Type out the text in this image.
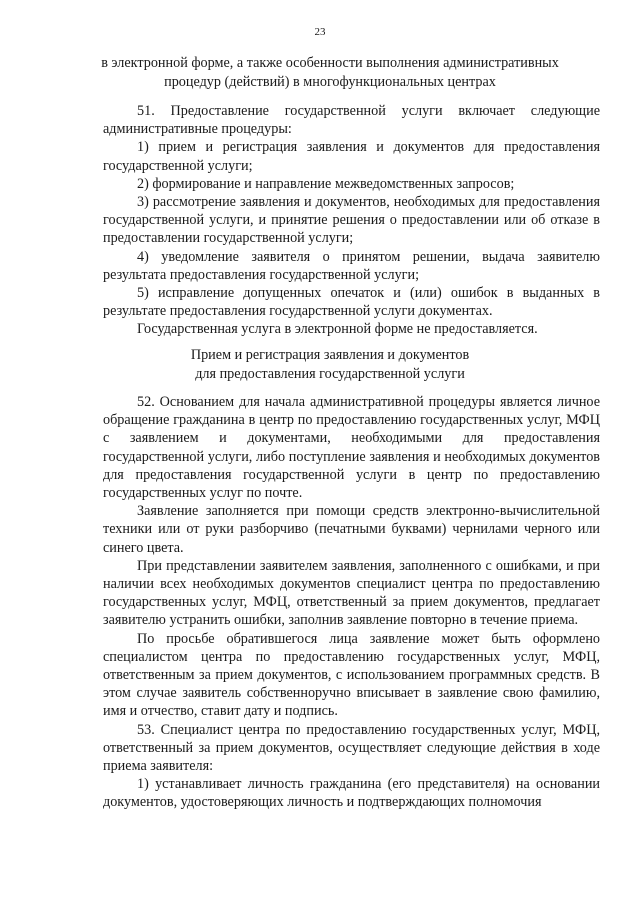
23
в электронной форме, а также особенности выполнения административных
процедур (действий) в многофункциональных центрах

51. Предоставление государственной услуги включает следующие административные процедуры:

1) прием и регистрация заявления и документов для предоставления государственной услуги;

2) формирование и направление межведомственных запросов;

3) рассмотрение заявления и документов, необходимых для предоставления государственной услуги, и принятие решения о предоставлении или об отказе в предоставлении государственной услуги;

4) уведомление заявителя о принятом решении, выдача заявителю результата предоставления государственной услуги;

5) исправление допущенных опечаток и (или) ошибок в выданных в результате предоставления государственной услуги документах.

Государственная услуга в электронной форме не предоставляется.

Прием и регистрация заявления и документов
для предоставления государственной услуги

52. Основанием для начала административной процедуры является личное обращение гражданина в центр по предоставлению государственных услуг, МФЦ с заявлением и документами, необходимыми для предоставления государственной услуги, либо поступление заявления и необходимых документов для предоставления государственной услуги в центр по предоставлению государственных услуг по почте.

Заявление заполняется при помощи средств электронно-вычислительной техники или от руки разборчиво (печатными буквами) чернилами черного или синего цвета.

При представлении заявителем заявления, заполненного с ошибками, и при наличии всех необходимых документов специалист центра по предоставлению государственных услуг, МФЦ, ответственный за прием документов, предлагает заявителю устранить ошибки, заполнив заявление повторно в течение приема.

По просьбе обратившегося лица заявление может быть оформлено специалистом центра по предоставлению государственных услуг, МФЦ, ответственным за прием документов, с использованием программных средств. В этом случае заявитель собственноручно вписывает в заявление свою фамилию, имя и отчество, ставит дату и подпись.

53. Специалист центра по предоставлению государственных услуг, МФЦ, ответственный за прием документов, осуществляет следующие действия в ходе приема заявителя:

1) устанавливает личность гражданина (его представителя) на основании документов, удостоверяющих личность и подтверждающих полномочия
